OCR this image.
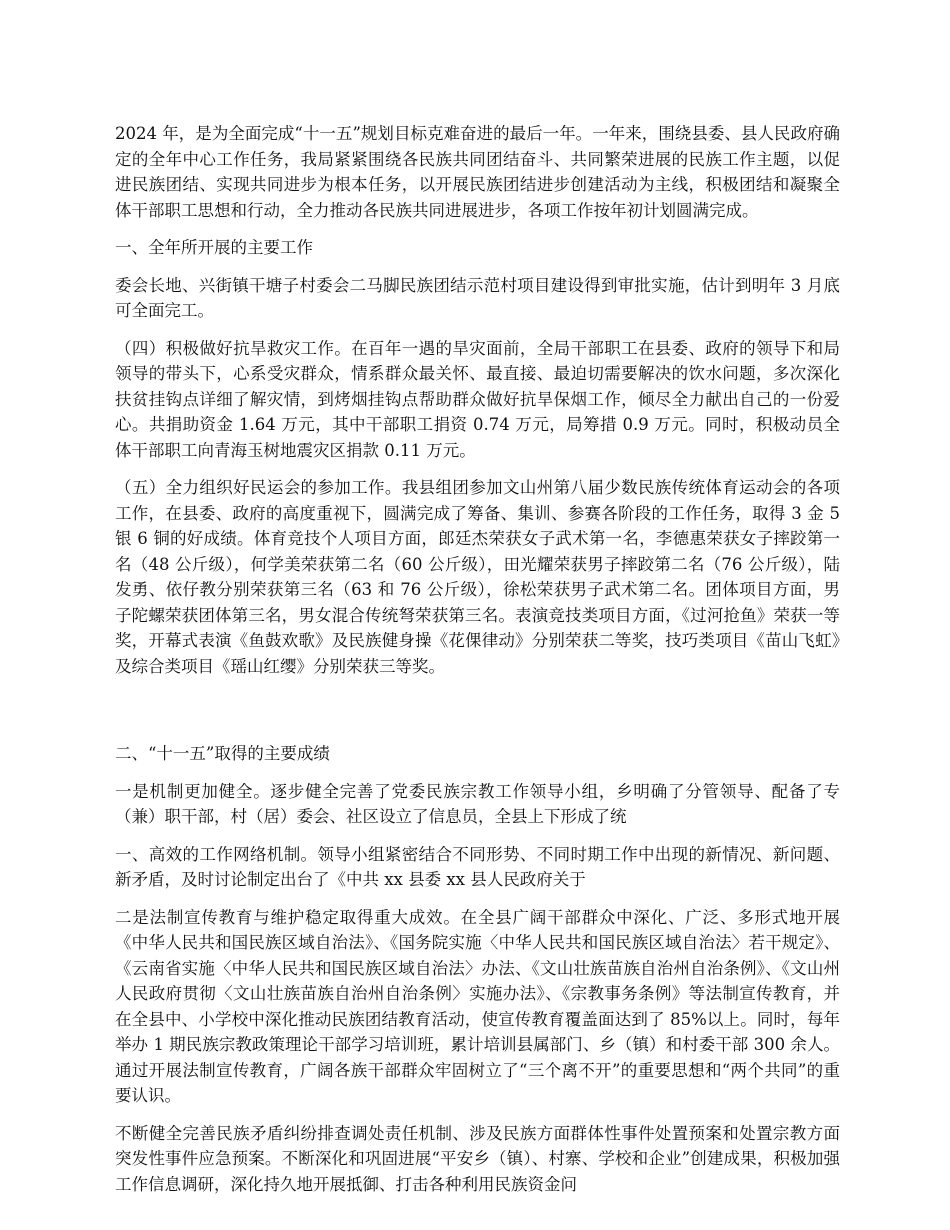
2024 年，是为全面完成“十一五”规划目标克难奋进的最后一年。一年来，围绕县委、县人民政府确定的全年中心工作任务，我局紧紧围绕各民族共同团结奋斗、共同繁荣进展的民族工作主题，以促进民族团结、实现共同进步为根本任务，以开展民族团结进步创建活动为主线，积极团结和凝聚全体干部职工思想和行动，全力推动各民族共同进展进步，各项工作按年初计划圆满完成。

一、全年所开展的主要工作

委会长地、兴街镇干塘子村委会二马脚民族团结示范村项目建设得到审批实施，估计到明年 3 月底可全面完工。

（四）积极做好抗旱救灾工作。在百年一遇的旱灾面前，全局干部职工在县委、政府的领导下和局领导的带头下，心系受灾群众，情系群众最关怀、最直接、最迫切需要解决的饮水问题，多次深化扶贫挂钩点详细了解灾情，到烤烟挂钩点帮助群众做好抗旱保烟工作，倾尽全力献出自己的一份爱心。共捐助资金 1.64 万元，其中干部职工捐资 0.74 万元，局筹措 0.9 万元。同时，积极动员全体干部职工向青海玉树地震灾区捐款 0.11 万元。

（五）全力组织好民运会的参加工作。我县组团参加文山州第八届少数民族传统体育运动会的各项工作，在县委、政府的高度重视下，圆满完成了筹备、集训、参赛各阶段的工作任务，取得 3 金 5 银 6 铜的好成绩。体育竞技个人项目方面，郎廷杰荣获女子武术第一名，李德惠荣获女子摔跤第一名（48 公斤级），何学美荣获第二名（60 公斤级），田光耀荣获男子摔跤第二名（76 公斤级），陆发勇、依仔教分别荣获第三名（63 和 76 公斤级），徐松荣获男子武术第二名。团体项目方面，男子陀螺荣获团体第三名，男女混合传统弩荣获第三名。表演竞技类项目方面，《过河抢鱼》荣获一等奖，开幕式表演《鱼鼓欢歌》及民族健身操《花倮律动》分别荣获二等奖，技巧类项目《苗山飞虹》及综合类项目《瑶山红缨》分别荣获三等奖。

二、“十一五”取得的主要成绩

一是机制更加健全。逐步健全完善了党委民族宗教工作领导小组，乡明确了分管领导、配备了专（兼）职干部，村（居）委会、社区设立了信息员，全县上下形成了统

一、高效的工作网络机制。领导小组紧密结合不同形势、不同时期工作中出现的新情况、新问题、新矛盾，及时讨论制定出台了《中共 xx 县委 xx 县人民政府关于

二是法制宣传教育与维护稳定取得重大成效。在全县广阔干部群众中深化、广泛、多形式地开展《中华人民共和国民族区域自治法》、《国务院实施〈中华人民共和国民族区域自治法〉若干规定》、《云南省实施〈中华人民共和国民族区域自治法〉办法、《文山壮族苗族自治州自治条例》、《文山州人民政府贯彻〈文山壮族苗族自治州自治条例〉实施办法》、《宗教事务条例》等法制宣传教育，并在全县中、小学校中深化推动民族团结教育活动，使宣传教育覆盖面达到了 85%以上。同时，每年举办 1 期民族宗教政策理论干部学习培训班，累计培训县属部门、乡（镇）和村委干部 300 余人。通过开展法制宣传教育，广阔各族干部群众牢固树立了“三个离不开”的重要思想和“两个共同”的重要认识。

不断健全完善民族矛盾纠纷排查调处责任机制、涉及民族方面群体性事件处置预案和处置宗教方面突发性事件应急预案。不断深化和巩固进展“平安乡（镇）、村寨、学校和企业”创建成果，积极加强工作信息调研，深化持久地开展抵御、打击各种利用民族资金问
